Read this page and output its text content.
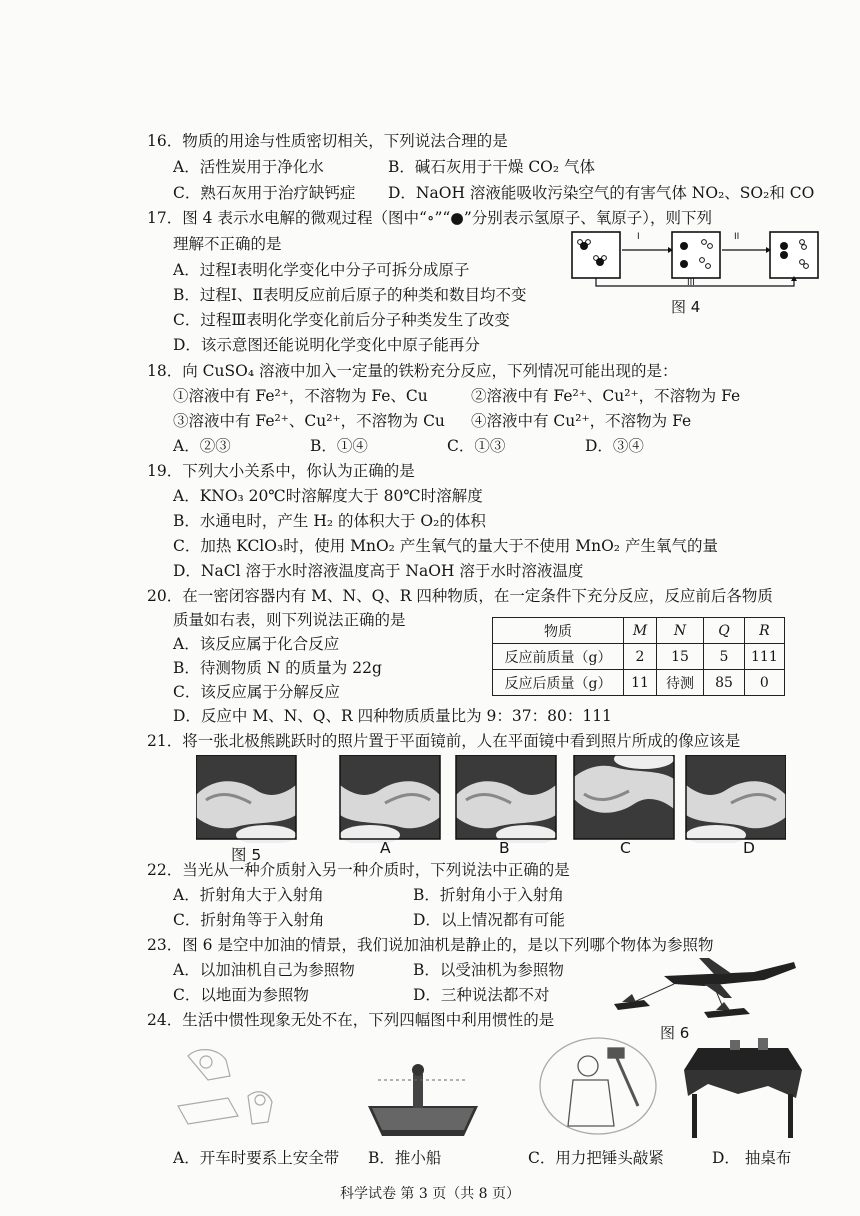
16．物质的用途与性质密切相关，下列说法合理的是
A．活性炭用于净化水	B．碱石灰用于干燥 CO₂ 气体
C．熟石灰用于治疗缺钙症 D．NaOH 溶液能吸收污染空气的有害气体 NO₂、SO₂和 CO
17．图 4 表示水电解的微观过程（图中“∘”“●”分别表示氢原子、氧原子），则下列
理解不正确的是
A．过程Ⅰ表明化学变化中分子可拆分成原子
B．过程Ⅰ、Ⅱ表明反应前后原子的种类和数目均不变
C．过程Ⅲ表明化学变化前后分子种类发生了改变
D．该示意图还能说明化学变化中原子能再分
I	II
III
图 4
18．向 CuSO₄ 溶液中加入一定量的铁粉充分反应，下列情况可能出现的是：
①溶液中有 Fe²⁺，不溶物为 Fe、Cu	②溶液中有 Fe²⁺、Cu²⁺，不溶物为 Fe
③溶液中有 Fe²⁺、Cu²⁺，不溶物为 Cu ④溶液中有 Cu²⁺，不溶物为 Fe
A．②③	B．①④	C．①③	D．③④
19．下列大小关系中，你认为正确的是
A．KNO₃ 20℃时溶解度大于 80℃时溶解度
B．水通电时，产生 H₂ 的体积大于 O₂的体积
C．加热 KClO₃时，使用 MnO₂ 产生氧气的量大于不使用 MnO₂ 产生氧气的量
D．NaCl 溶于水时溶液温度高于 NaOH 溶于水时溶液温度
20．在一密闭容器内有 M、N、Q、R 四种物质，在一定条件下充分反应，反应前后各物质
质量如右表，则下列说法正确的是
A．该反应属于化合反应
B．待测物质 N 的质量为 22g
C．该反应属于分解反应
D．反应中 M、N、Q、R 四种物质质量比为 9：37：80：111
物质	M	N	Q	R
反应前质量（g）	2	15	5	111
反应后质量（g）	11	待测	85	0
21．将一张北极熊跳跃时的照片置于平面镜前，人在平面镜中看到照片所成的像应该是
图 5	A	B	C	D
22．当光从一种介质射入另一种介质时，下列说法中正确的是
A．折射角大于入射角	B．折射角小于入射角
C．折射角等于入射角	D．以上情况都有可能
23．图 6 是空中加油的情景，我们说加油机是静止的，是以下列哪个物体为参照物
A．以加油机自己为参照物	B．以受油机为参照物
C．以地面为参照物	D．三种说法都不对
图 6
24．生活中惯性现象无处不在，下列四幅图中利用惯性的是
A．开车时要系上安全带 B．推小船	C．用力把锤头敲紧	D． 抽桌布
科学试卷 第 3 页（共 8 页）
